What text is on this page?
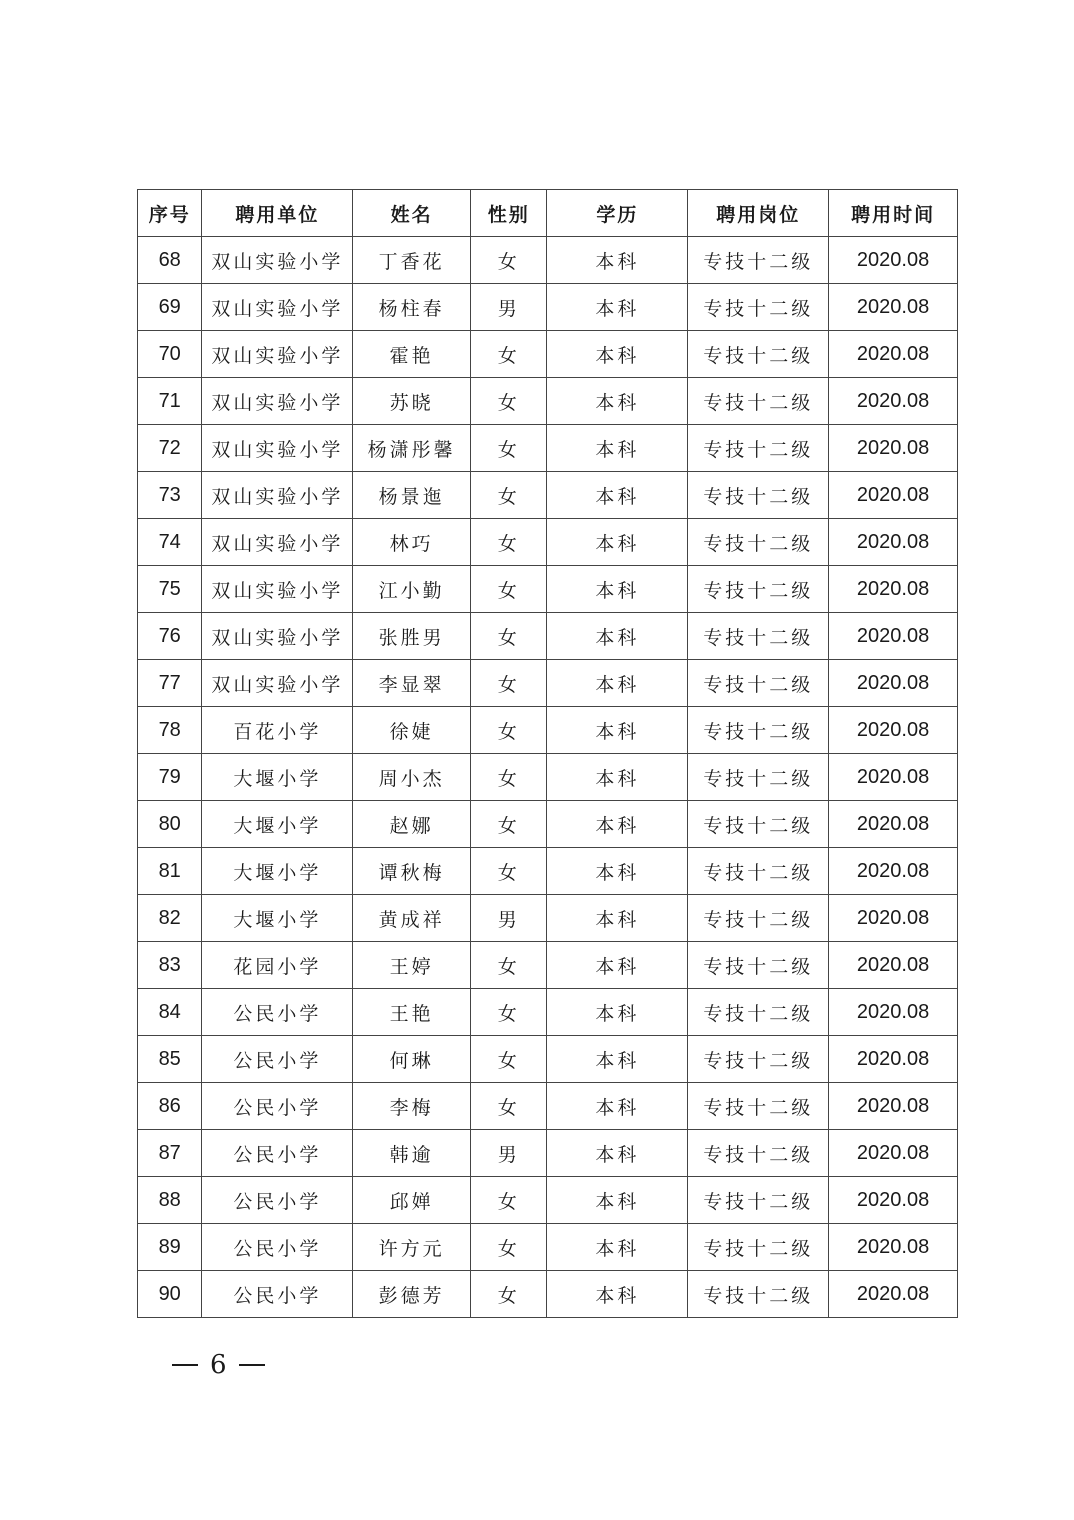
序号	聘用单位	姓名	性别	学历	聘用岗位	聘用时间
68	双山实验小学	丁香花	女	本科	专技十二级	2020.08
69	双山实验小学	杨柱春	男	本科	专技十二级	2020.08
70	双山实验小学	霍艳	女	本科	专技十二级	2020.08
71	双山实验小学	苏晓	女	本科	专技十二级	2020.08
72	双山实验小学	杨潇彤馨	女	本科	专技十二级	2020.08
73	双山实验小学	杨景迤	女	本科	专技十二级	2020.08
74	双山实验小学	林巧	女	本科	专技十二级	2020.08
75	双山实验小学	江小勤	女	本科	专技十二级	2020.08
76	双山实验小学	张胜男	女	本科	专技十二级	2020.08
77	双山实验小学	李显翠	女	本科	专技十二级	2020.08
78	百花小学	徐婕	女	本科	专技十二级	2020.08
79	大堰小学	周小杰	女	本科	专技十二级	2020.08
80	大堰小学	赵娜	女	本科	专技十二级	2020.08
81	大堰小学	谭秋梅	女	本科	专技十二级	2020.08
82	大堰小学	黄成祥	男	本科	专技十二级	2020.08
83	花园小学	王婷	女	本科	专技十二级	2020.08
84	公民小学	王艳	女	本科	专技十二级	2020.08
85	公民小学	何琳	女	本科	专技十二级	2020.08
86	公民小学	李梅	女	本科	专技十二级	2020.08
87	公民小学	韩逾	男	本科	专技十二级	2020.08
88	公民小学	邱婵	女	本科	专技十二级	2020.08
89	公民小学	许方元	女	本科	专技十二级	2020.08
90	公民小学	彭德芳	女	本科	专技十二级	2020.08
6
